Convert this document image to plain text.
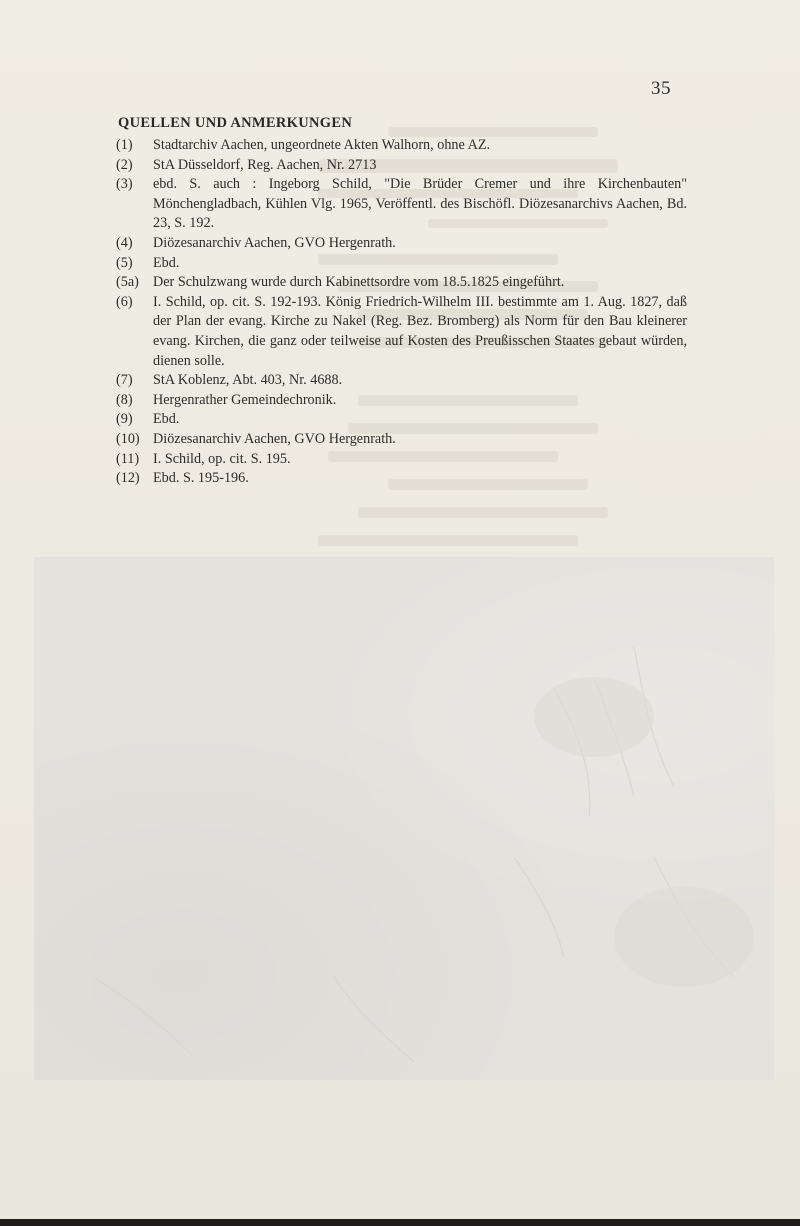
35
QUELLEN UND ANMERKUNGEN
(1)	Stadtarchiv Aachen, ungeordnete Akten Walhorn, ohne AZ.
(2)	StA Düsseldorf, Reg. Aachen, Nr. 2713
(3)	ebd. S. auch : Ingeborg Schild, "Die Brüder Cremer und ihre Kirchenbauten" Mönchengladbach, Kühlen Vlg. 1965, Veröffentl. des Bischöfl. Diözesanarchivs Aachen, Bd. 23, S. 192.
(4)	Diözesanarchiv Aachen, GVO Hergenrath.
(5)	Ebd.
(5a) Der Schulzwang wurde durch Kabinettsordre vom 18.5.1825 eingeführt.
(6)	I. Schild, op. cit. S. 192-193. König Friedrich-Wilhelm III. bestimmte am 1. Aug. 1827, daß der Plan der evang. Kirche zu Nakel (Reg. Bez. Bromberg) als Norm für den Bau kleinerer evang. Kirchen, die ganz oder teilweise auf Kosten des Preußisschen Staates gebaut würden, dienen solle.
(7)	StA Koblenz, Abt. 403, Nr. 4688.
(8)	Hergenrather Gemeindechronik.
(9)	Ebd.
(10) Diözesanarchiv Aachen, GVO Hergenrath.
(11) I. Schild, op. cit. S. 195.
(12) Ebd. S. 195-196.
